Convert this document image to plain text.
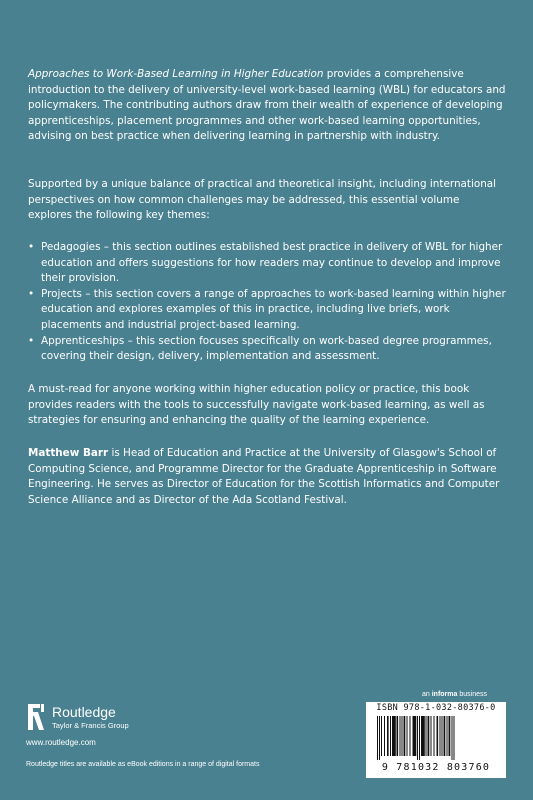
Approaches to Work-Based Learning in Higher Education provides a comprehensive introduction to the delivery of university-level work-based learning (WBL) for educators and policymakers. The contributing authors draw from their wealth of experience of developing apprenticeships, placement programmes and other work-based learning opportunities, advising on best practice when delivering learning in partnership with industry.

Supported by a unique balance of practical and theoretical insight, including international perspectives on how common challenges may be addressed, this essential volume explores the following key themes:

• Pedagogies – this section outlines established best practice in delivery of WBL for higher education and offers suggestions for how readers may continue to develop and improve their provision.
• Projects – this section covers a range of approaches to work-based learning within higher education and explores examples of this in practice, including live briefs, work placements and industrial project-based learning.
• Apprenticeships – this section focuses specifically on work-based degree programmes, covering their design, delivery, implementation and assessment.

A must-read for anyone working within higher education policy or practice, this book provides readers with the tools to successfully navigate work-based learning, as well as strategies for ensuring and enhancing the quality of the learning experience.

Matthew Barr is Head of Education and Practice at the University of Glasgow's School of Computing Science, and Programme Director for the Graduate Apprenticeship in Software Engineering. He serves as Director of Education for the Scottish Informatics and Computer Science Alliance and as Director of the Ada Scotland Festival.

Routledge
Taylor & Francis Group
www.routledge.com
Routledge titles are available as eBook editions in a range of digital formats
an informa business
ISBN 978-1-032-80376-0
9 781032 803760
